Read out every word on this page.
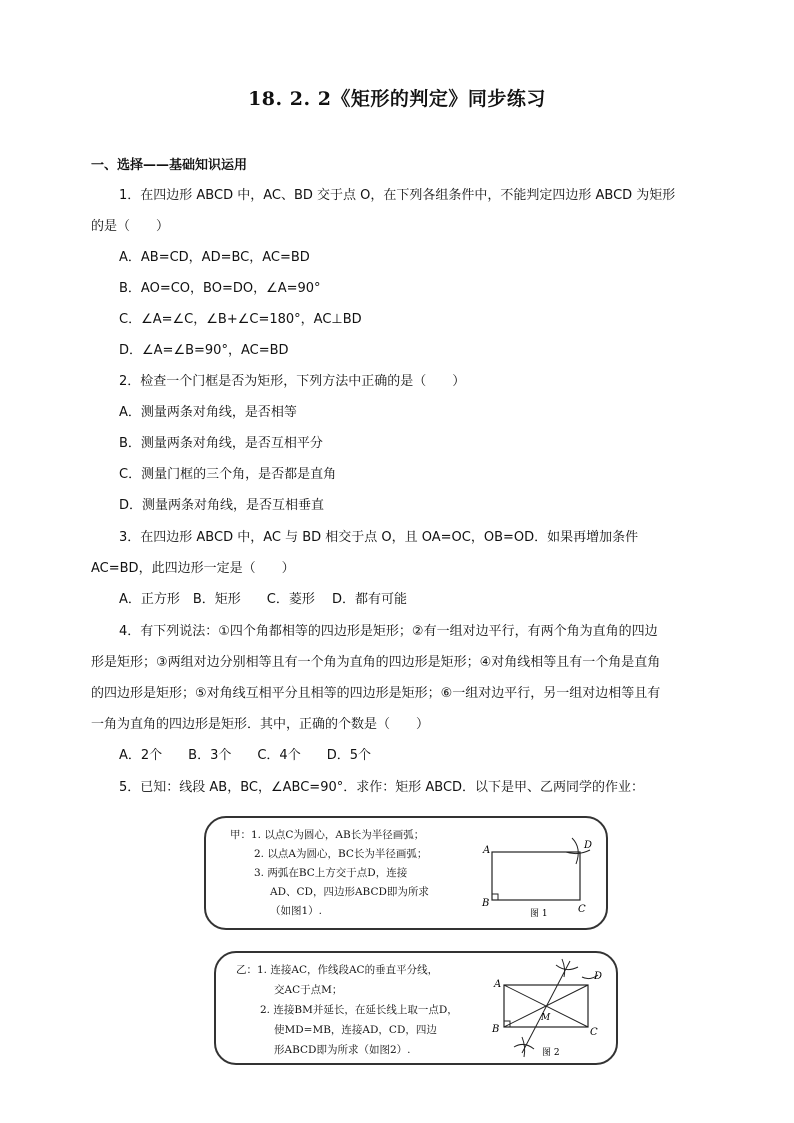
18. 2. 2《矩形的判定》同步练习
一、选择——基础知识运用
1．在四边形 ABCD 中，AC、BD 交于点 O，在下列各组条件中，不能判定四边形 ABCD 为矩形
的是（　　）
A．AB=CD，AD=BC，AC=BD
B．AO=CO，BO=DO，∠A=90°
C．∠A=∠C，∠B+∠C=180°，AC⊥BD
D．∠A=∠B=90°，AC=BD
2．检查一个门框是否为矩形，下列方法中正确的是（　　）
A．测量两条对角线，是否相等
B．测量两条对角线，是否互相平分
C．测量门框的三个角，是否都是直角
D．测量两条对角线，是否互相垂直
3．在四边形 ABCD 中，AC 与 BD 相交于点 O，且 OA=OC，OB=OD．如果再增加条件
AC=BD，此四边形一定是（　　）
A．正方形　B．矩形　　C．菱形　 D．都有可能
4．有下列说法：①四个角都相等的四边形是矩形；②有一组对边平行，有两个角为直角的四边
形是矩形；③两组对边分别相等且有一个角为直角的四边形是矩形；④对角线相等且有一个角是直角
的四边形是矩形；⑤对角线互相平分且相等的四边形是矩形；⑥一组对边平行，另一组对边相等且有
一角为直角的四边形是矩形．其中，正确的个数是（　　）
A．2个　　B．3个　　C．4个　　D．5个
5．已知：线段 AB，BC，∠ABC=90°．求作：矩形 ABCD．以下是甲、乙两同学的作业：
甲：1. 以点C为圆心，AB长为半径画弧；
2. 以点A为圆心，BC长为半径画弧；
3. 两弧在BC上方交于点D，连接
AD、CD，四边形ABCD即为所求
（如图1）.
A
B
C
D
图 1
乙：1. 连接AC，作线段AC的垂直平分线，
交AC于点M；
2. 连接BM并延长，在延长线上取一点D，
使MD=MB，连接AD，CD，四边
形ABCD即为所求（如图2）.
A
B	C
D
M
图 2
